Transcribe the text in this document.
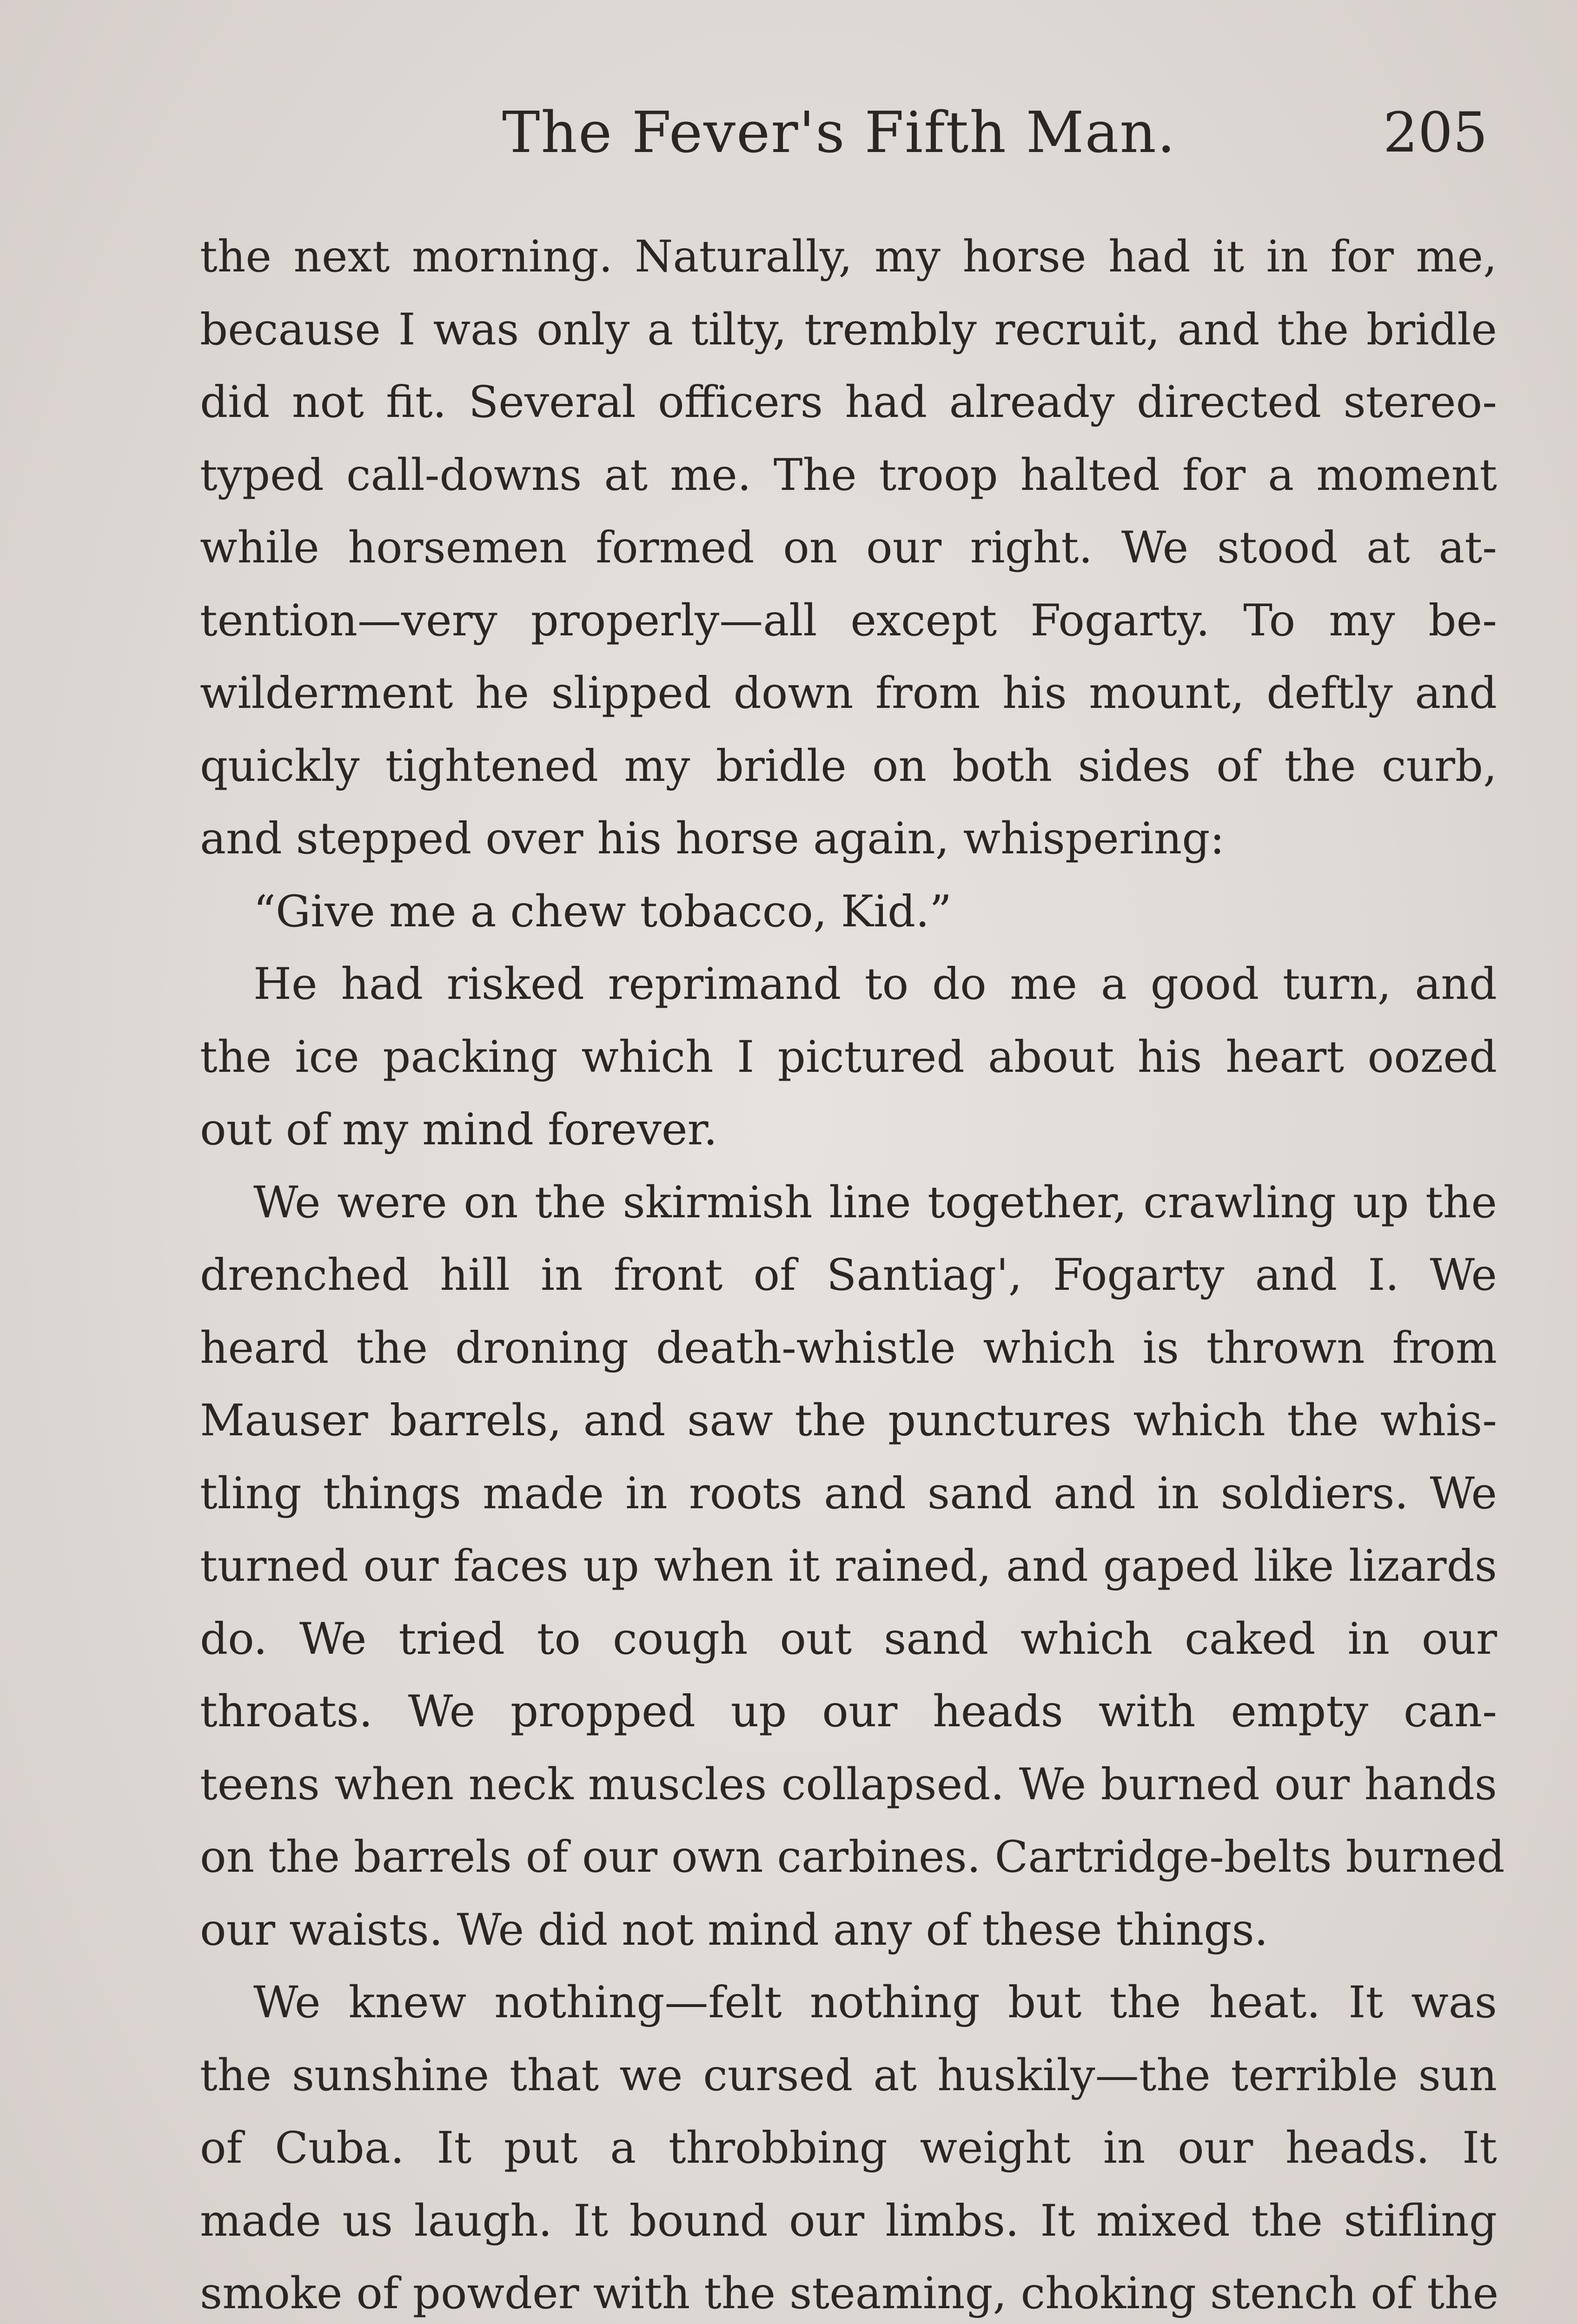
The Fever's Fifth Man.	205
the next morning. Naturally, my horse had it in for me,
because I was only a tilty, trembly recruit, and the bridle
did not fit. Several officers had already directed stereo-
typed call-downs at me. The troop halted for a moment
while horsemen formed on our right. We stood at at-
tention—very properly—all except Fogarty. To my be-
wilderment he slipped down from his mount, deftly and
quickly tightened my bridle on both sides of the curb,
and stepped over his horse again, whispering:
“Give me a chew tobacco, Kid.”
He had risked reprimand to do me a good turn, and
the ice packing which I pictured about his heart oozed
out of my mind forever.
We were on the skirmish line together, crawling up the
drenched hill in front of Santiag', Fogarty and I. We
heard the droning death-whistle which is thrown from
Mauser barrels, and saw the punctures which the whis-
tling things made in roots and sand and in soldiers. We
turned our faces up when it rained, and gaped like lizards
do. We tried to cough out sand which caked in our
throats. We propped up our heads with empty can-
teens when neck muscles collapsed. We burned our hands
on the barrels of our own carbines. Cartridge-belts burned
our waists. We did not mind any of these things.
We knew nothing—felt nothing but the heat. It was
the sunshine that we cursed at huskily—the terrible sun
of Cuba. It put a throbbing weight in our heads. It
made us laugh. It bound our limbs. It mixed the stifling
smoke of powder with the steaming, choking stench of the
